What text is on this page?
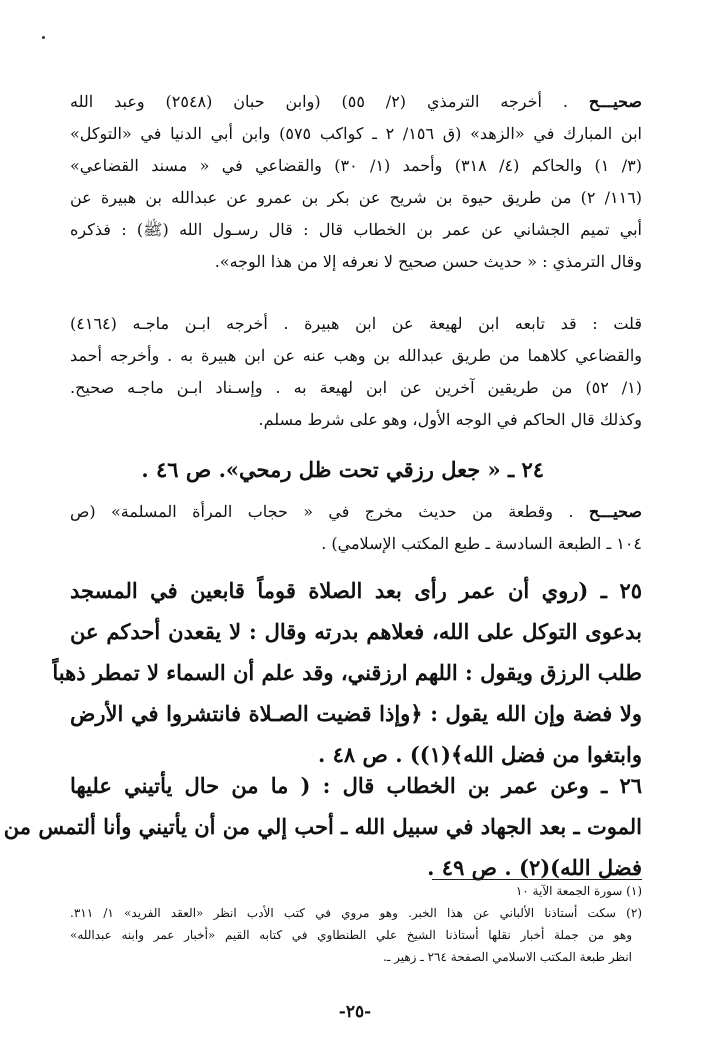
صحيـــح . أخرجه الترمذي (٢/ ٥٥) (وابن حبان (٢٥٤٨) وعبد الله
ابن المبارك في «الزهد» (ق ١٥٦/ ٢ ـ كواكب ٥٧٥) وابن أبي الدنيا في «التوكل»
(٣/ ١) والحاكم (٤/ ٣١٨) وأحمد (١/ ٣٠) والقضاعي في « مسند القضاعي»
(١١٦/ ٢) من طريق حيوة بن شريح عن بكر بن عمرو عن عبدالله بن هبيرة عن
أبي تميم الجشاني عن عمر بن الخطاب قال : قال رسـول الله (ﷺ) : فذكره
وقال الترمذي : « حديث حسن صحيح لا نعرفه إلا من هذا الوجه».
قلت : قد تابعه ابن لهيعة عن ابن هبيرة . أخرجه ابـن ماجـه (٤١٦٤)
والقضاعي كلاهما من طريق عبدالله بن وهب عنه عن ابن هبيرة به . وأخرجه أحمد
(١/ ٥٢) من طريقين آخرين عن ابن لهيعة به . وإسـناد ابـن ماجـه صحيح.
وكذلك قال الحاكم في الوجه الأول، وهو على شرط مسلم.
٢٤ ـ « جعل رزقي تحت ظل رمحي». ص ٤٦ .
صحيـــح . وقطعة من حديث مخرج في « حجاب المرأة المسلمة» (ص
١٠٤ ـ الطبعة السادسة ـ طبع المكتب الإسلامي) .
٢٥ ـ (روي أن عمر رأى بعد الصلاة قوماً قابعين في المسجد
بدعوى التوكل على الله، فعلاهم بدرته وقال : لا يقعدن أحدكم عن
طلب الرزق ويقول : اللهم ارزقني، وقد علم أن السماء لا تمطر ذهباً
ولا فضة وإن الله يقول : ﴿وإذا قضيت الصـلاة فانتشروا في الأرض
وابتغوا من فضل الله﴾(١)) . ص ٤٨ .
٢٦ ـ وعن عمر بن الخطاب قال : ( ما من حال يأتيني عليها
الموت ـ بعد الجهاد في سبيل الله ـ أحب إلي من أن يأتيني وأنا ألتمس من
فضل الله)(٢) . ص ٤٩ .
(١) سورة الجمعة الآية ١٠
(٢) سكت أستاذنا الألباني عن هذا الخبر. وهو مروي في كتب الأدب انظر «العقد الفريد» ١/ ٣١١.
وهو من جملة أخبار نقلها أستاذنا الشيخ علي الطنطاوي في كتابه القيم «أخبار عمر وابنه عبدالله»
انظر طبعة المكتب الاسلامي الصفحة ٢٦٤ ـ زهير ـ.
-٢٥-
